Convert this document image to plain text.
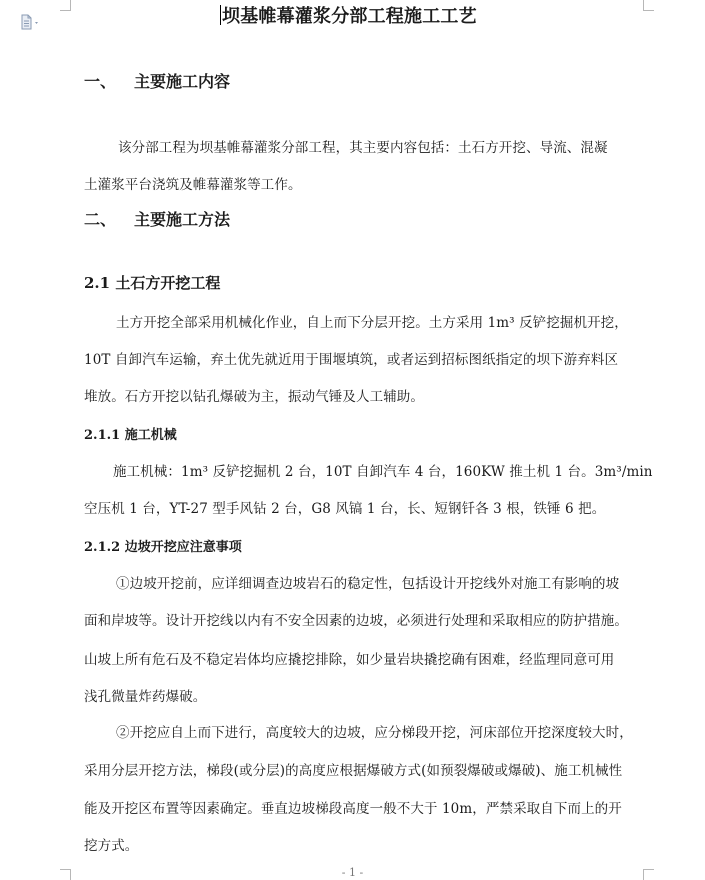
坝基帷幕灌浆分部工程施工工艺
一、 主要施工内容
该分部工程为坝基帷幕灌浆分部工程，其主要内容包括：土石方开挖、导流、混凝
土灌浆平台浇筑及帷幕灌浆等工作。
二、 主要施工方法
2.1 土石方开挖工程
土方开挖全部采用机械化作业，自上而下分层开挖。土方采用 1m³ 反铲挖掘机开挖，
10T 自卸汽车运输，弃土优先就近用于围堰填筑，或者运到招标图纸指定的坝下游弃料区
堆放。石方开挖以钻孔爆破为主，振动气锤及人工辅助。
2.1.1 施工机械
施工机械：1m³ 反铲挖掘机 2 台，10T 自卸汽车 4 台，160KW 推土机 1 台。3m³/min
空压机 1 台，YT-27 型手风钻 2 台，G8 风镐 1 台，长、短钢钎各 3 根，铁锤 6 把。
2.1.2 边坡开挖应注意事项
①边坡开挖前，应详细调查边坡岩石的稳定性，包括设计开挖线外对施工有影响的坡
面和岸坡等。设计开挖线以内有不安全因素的边坡，必须进行处理和采取相应的防护措施。
山坡上所有危石及不稳定岩体均应撬挖排除，如少量岩块撬挖确有困难，经监理同意可用
浅孔微量炸药爆破。
②开挖应自上而下进行，高度较大的边坡，应分梯段开挖，河床部位开挖深度较大时，
采用分层开挖方法，梯段(或分层)的高度应根据爆破方式(如预裂爆破或爆破)、施工机械性
能及开挖区布置等因素确定。垂直边坡梯段高度一般不大于 10m，严禁采取自下而上的开
挖方式。
- 1 -
